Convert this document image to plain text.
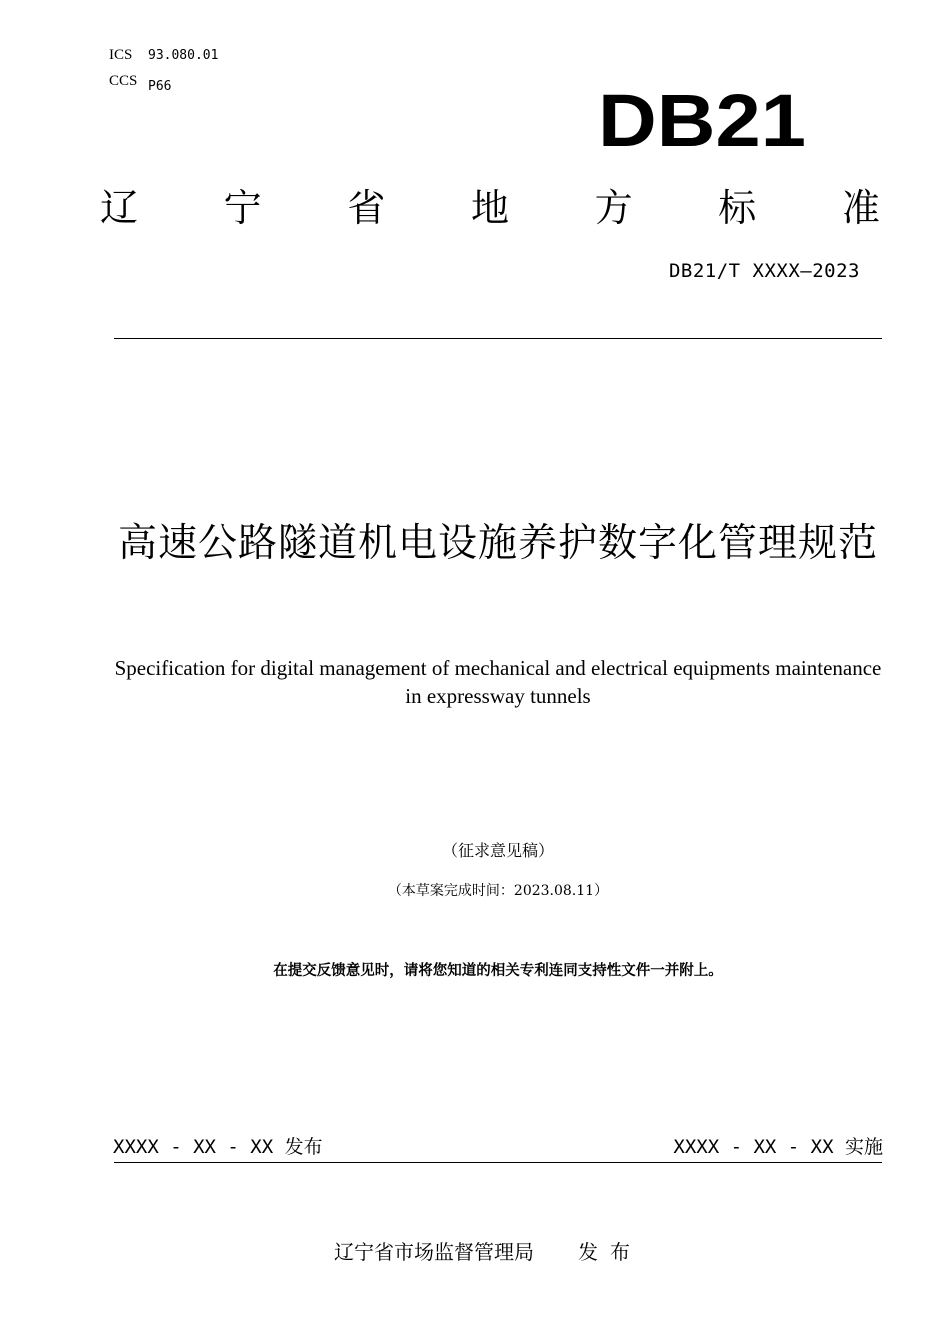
ICS 93.080.01
CCS P66	DB21
辽 宁 省 地 方 标 准
DB21/T XXXX—2023
高速公路隧道机电设施养护数字化管理规范
Specification for digital management of mechanical and electrical equipments maintenance in expressway tunnels
（征求意见稿）
（本草案完成时间：2023.08.11）
在提交反馈意见时，请将您知道的相关专利连同支持性文件一并附上。
XXXX - XX - XX 发布	XXXX - XX - XX 实施
辽宁省市场监督管理局 发布
